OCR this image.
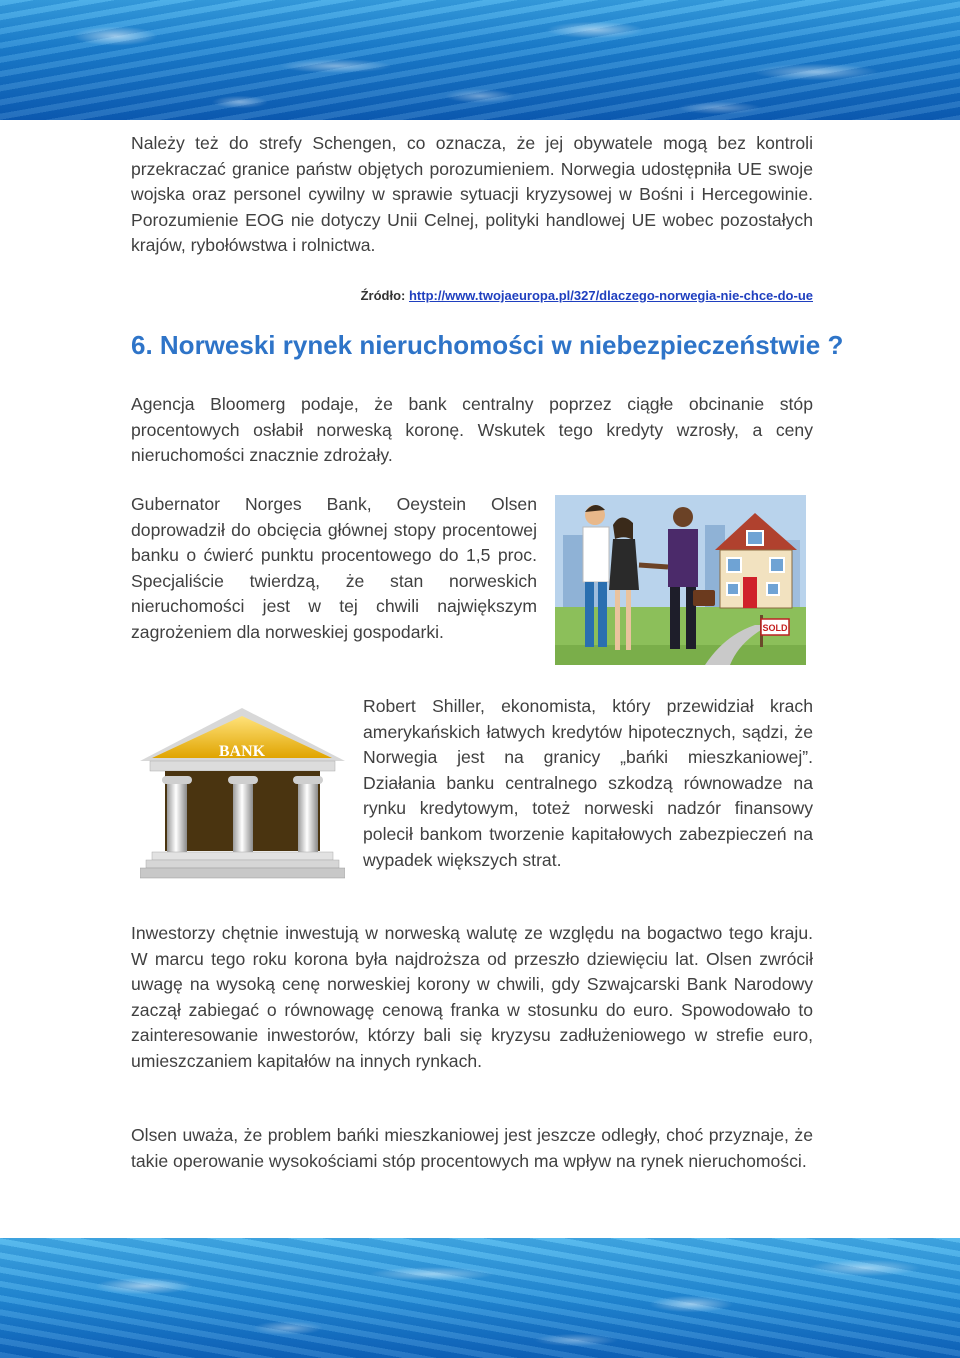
Należy też do strefy Schengen, co oznacza, że jej obywatele mogą bez kontroli przekraczać granice państw objętych porozumieniem. Norwegia udostępniła UE swoje wojska oraz personel cywilny w sprawie sytuacji kryzysowej w Bośni i Hercegowinie. Porozumienie EOG nie dotyczy Unii Celnej, polityki handlowej UE wobec pozostałych krajów, rybołówstwa i rolnictwa.

Źródło: http://www.twojaeuropa.pl/327/dlaczego-norwegia-nie-chce-do-ue

6. Norweski rynek nieruchomości w niebezpieczeństwie ?

Agencja Bloomerg podaje, że bank centralny poprzez ciągłe obcinanie stóp procentowych osłabił norweską koronę. Wskutek tego kredyty wzrosły, a ceny nieruchomości znacznie zdrożały.

Gubernator Norges Bank, Oeystein Olsen doprowadził do obcięcia głównej stopy procentowej banku o ćwierć punktu procentowego do 1,5 proc. Specjaliście twierdzą, że stan norweskich nieruchomości jest w tej chwili największym zagrożeniem dla norweskiej gospodarki.	SOLD
BANK

Robert Shiller, ekonomista, który przewidział krach amerykańskich łatwych kredytów hipotecznych, sądzi, że Norwegia jest na granicy „bańki mieszkaniowej”. Działania banku centralnego szkodzą równowadze na rynku kredytowym, toteż norweski nadzór finansowy polecił bankom tworzenie kapitałowych zabezpieczeń na wypadek większych strat.

Inwestorzy chętnie inwestują w norweską walutę ze względu na bogactwo tego kraju. W marcu tego roku korona była najdroższa od przeszło dziewięciu lat. Olsen zwrócił uwagę na wysoką cenę norweskiej korony w chwili, gdy Szwajcarski Bank Narodowy zaczął zabiegać o równowagę cenową franka w stosunku do euro. Spowodowało to zainteresowanie inwestorów, którzy bali się kryzysu zadłużeniowego w strefie euro, umieszczaniem kapitałów na innych rynkach.

Olsen uważa, że problem bańki mieszkaniowej jest jeszcze odległy, choć przyznaje, że takie operowanie wysokościami stóp procentowych ma wpływ na rynek nieruchomości.
